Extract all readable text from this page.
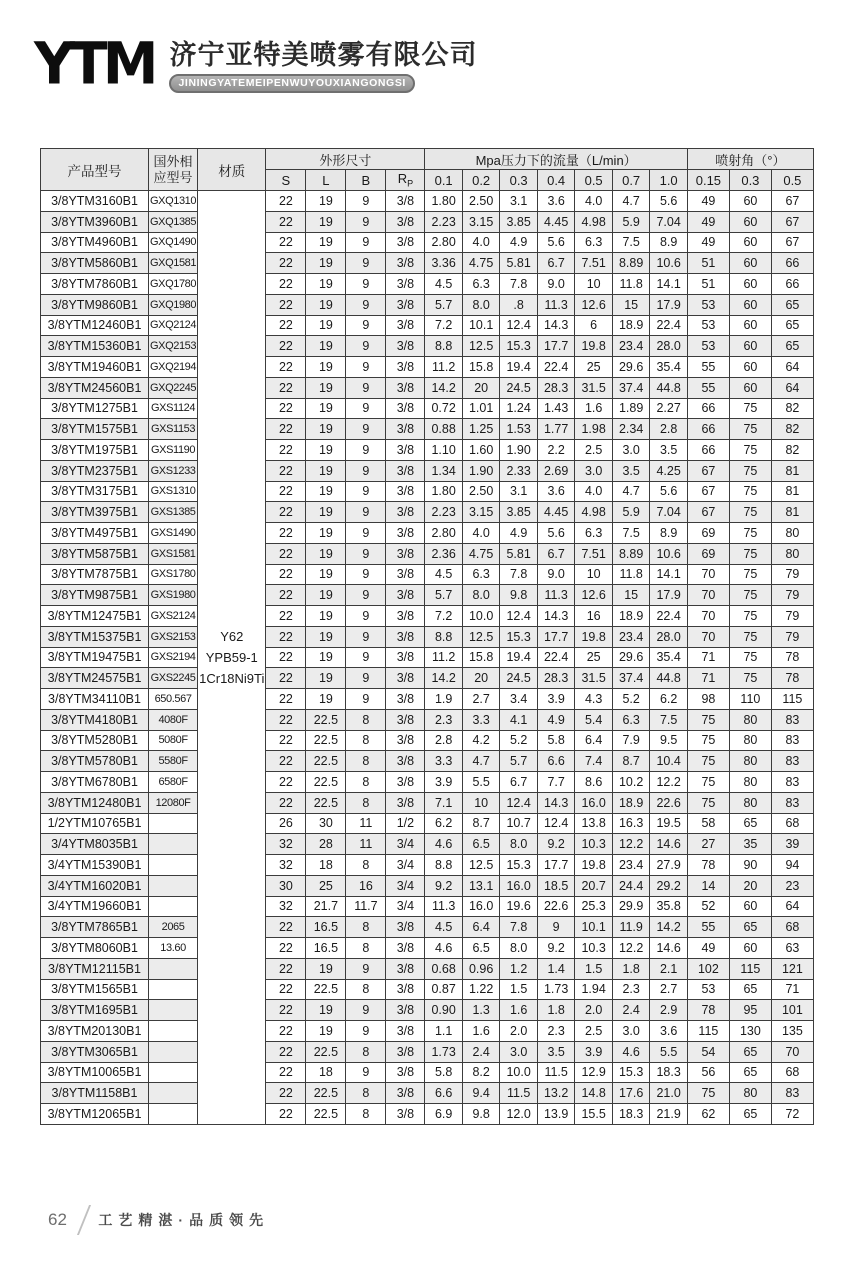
YTM 济宁亚特美喷雾有限公司
JININGYATEMEIPENWUYOUXIANGONGSI
产品型号	国外相
应型号	材质	外形尺寸				Mpa压力下的流量（L/min）							喷射角（°）		
			S	L	B	$R_P$	0.1	0.2	0.3	0.4	0.5	0.7	1.0	0.15	0.3	0.5
3/8YTM3160B1	GXQ1310	Y62
YPB59-1
1Cr18Ni9Ti	22	19	9	3/8	1.80	2.50	3.1	3.6	4.0	4.7	5.6	49	60	67
3/8YTM3960B1	GXQ1385		22	19	9	3/8	2.23	3.15	3.85	4.45	4.98	5.9	7.04	49	60	67
3/8YTM4960B1	GXQ1490		22	19	9	3/8	2.80	4.0	4.9	5.6	6.3	7.5	8.9	49	60	67
3/8YTM5860B1	GXQ1581		22	19	9	3/8	3.36	4.75	5.81	6.7	7.51	8.89	10.6	51	60	66
3/8YTM7860B1	GXQ1780		22	19	9	3/8	4.5	6.3	7.8	9.0	10	11.8	14.1	51	60	66
3/8YTM9860B1	GXQ1980		22	19	9	3/8	5.7	8.0	.8	11.3	12.6	15	17.9	53	60	65
3/8YTM12460B1	GXQ2124		22	19	9	3/8	7.2	10.1	12.4	14.3	6	18.9	22.4	53	60	65
3/8YTM15360B1	GXQ2153		22	19	9	3/8	8.8	12.5	15.3	17.7	19.8	23.4	28.0	53	60	65
3/8YTM19460B1	GXQ2194		22	19	9	3/8	11.2	15.8	19.4	22.4	25	29.6	35.4	55	60	64
3/8YTM24560B1	GXQ2245		22	19	9	3/8	14.2	20	24.5	28.3	31.5	37.4	44.8	55	60	64
3/8YTM1275B1	GXS1124		22	19	9	3/8	0.72	1.01	1.24	1.43	1.6	1.89	2.27	66	75	82
3/8YTM1575B1	GXS1153		22	19	9	3/8	0.88	1.25	1.53	1.77	1.98	2.34	2.8	66	75	82
3/8YTM1975B1	GXS1190		22	19	9	3/8	1.10	1.60	1.90	2.2	2.5	3.0	3.5	66	75	82
3/8YTM2375B1	GXS1233		22	19	9	3/8	1.34	1.90	2.33	2.69	3.0	3.5	4.25	67	75	81
3/8YTM3175B1	GXS1310		22	19	9	3/8	1.80	2.50	3.1	3.6	4.0	4.7	5.6	67	75	81
3/8YTM3975B1	GXS1385		22	19	9	3/8	2.23	3.15	3.85	4.45	4.98	5.9	7.04	67	75	81
3/8YTM4975B1	GXS1490		22	19	9	3/8	2.80	4.0	4.9	5.6	6.3	7.5	8.9	69	75	80
3/8YTM5875B1	GXS1581		22	19	9	3/8	2.36	4.75	5.81	6.7	7.51	8.89	10.6	69	75	80
3/8YTM7875B1	GXS1780		22	19	9	3/8	4.5	6.3	7.8	9.0	10	11.8	14.1	70	75	79
3/8YTM9875B1	GXS1980		22	19	9	3/8	5.7	8.0	9.8	11.3	12.6	15	17.9	70	75	79
3/8YTM12475B1	GXS2124		22	19	9	3/8	7.2	10.0	12.4	14.3	16	18.9	22.4	70	75	79
3/8YTM15375B1	GXS2153		22	19	9	3/8	8.8	12.5	15.3	17.7	19.8	23.4	28.0	70	75	79
3/8YTM19475B1	GXS2194		22	19	9	3/8	11.2	15.8	19.4	22.4	25	29.6	35.4	71	75	78
3/8YTM24575B1	GXS2245		22	19	9	3/8	14.2	20	24.5	28.3	31.5	37.4	44.8	71	75	78
3/8YTM34110B1	650.567		22	19	9	3/8	1.9	2.7	3.4	3.9	4.3	5.2	6.2	98	110	115
3/8YTM4180B1	4080F		22	22.5	8	3/8	2.3	3.3	4.1	4.9	5.4	6.3	7.5	75	80	83
3/8YTM5280B1	5080F		22	22.5	8	3/8	2.8	4.2	5.2	5.8	6.4	7.9	9.5	75	80	83
3/8YTM5780B1	5580F		22	22.5	8	3/8	3.3	4.7	5.7	6.6	7.4	8.7	10.4	75	80	83
3/8YTM6780B1	6580F		22	22.5	8	3/8	3.9	5.5	6.7	7.7	8.6	10.2	12.2	75	80	83
3/8YTM12480B1	12080F		22	22.5	8	3/8	7.1	10	12.4	14.3	16.0	18.9	22.6	75	80	83
1/2YTM10765B1			26	30	11	1/2	6.2	8.7	10.7	12.4	13.8	16.3	19.5	58	65	68
3/4YTM8035B1			32	28	11	3/4	4.6	6.5	8.0	9.2	10.3	12.2	14.6	27	35	39
3/4YTM15390B1			32	18	8	3/4	8.8	12.5	15.3	17.7	19.8	23.4	27.9	78	90	94
3/4YTM16020B1			30	25	16	3/4	9.2	13.1	16.0	18.5	20.7	24.4	29.2	14	20	23
3/4YTM19660B1			32	21.7	11.7	3/4	11.3	16.0	19.6	22.6	25.3	29.9	35.8	52	60	64
3/8YTM7865B1	2065		22	16.5	8	3/8	4.5	6.4	7.8	9	10.1	11.9	14.2	55	65	68
3/8YTM8060B1	13.60		22	16.5	8	3/8	4.6	6.5	8.0	9.2	10.3	12.2	14.6	49	60	63
3/8YTM12115B1			22	19	9	3/8	0.68	0.96	1.2	1.4	1.5	1.8	2.1	102	115	121
3/8YTM1565B1			22	22.5	8	3/8	0.87	1.22	1.5	1.73	1.94	2.3	2.7	53	65	71
3/8YTM1695B1			22	19	9	3/8	0.90	1.3	1.6	1.8	2.0	2.4	2.9	78	95	101
3/8YTM20130B1			22	19	9	3/8	1.1	1.6	2.0	2.3	2.5	3.0	3.6	115	130	135
3/8YTM3065B1			22	22.5	8	3/8	1.73	2.4	3.0	3.5	3.9	4.6	5.5	54	65	70
3/8YTM10065B1			22	18	9	3/8	5.8	8.2	10.0	11.5	12.9	15.3	18.3	56	65	68
3/8YTM1158B1			22	22.5	8	3/8	6.6	9.4	11.5	13.2	14.8	17.6	21.0	75	80	83
3/8YTM12065B1			22	22.5	8	3/8	6.9	9.8	12.0	13.9	15.5	18.3	21.9	62	65	72
62 工艺精湛·品质领先
